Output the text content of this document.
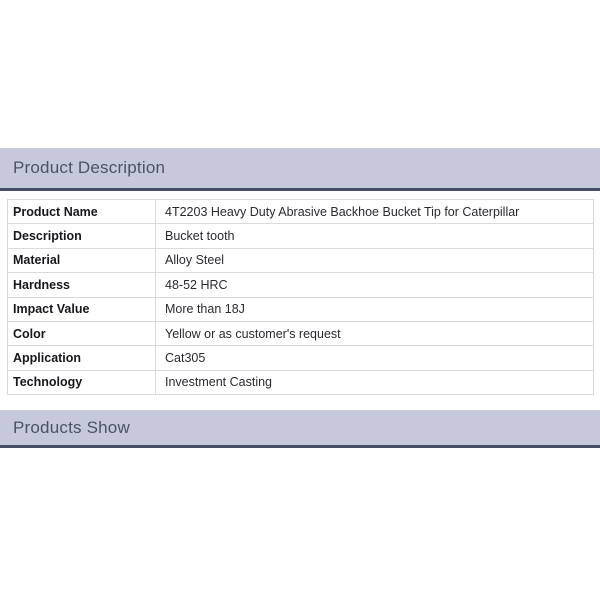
Product Description
Product Name	4T2203 Heavy Duty Abrasive Backhoe Bucket Tip for Caterpillar
Description	Bucket tooth
Material	Alloy Steel
Hardness	48-52 HRC
Impact Value	More than 18J
Color	Yellow or as customer's request
Application	Cat305
Technology	Investment Casting
Products Show
